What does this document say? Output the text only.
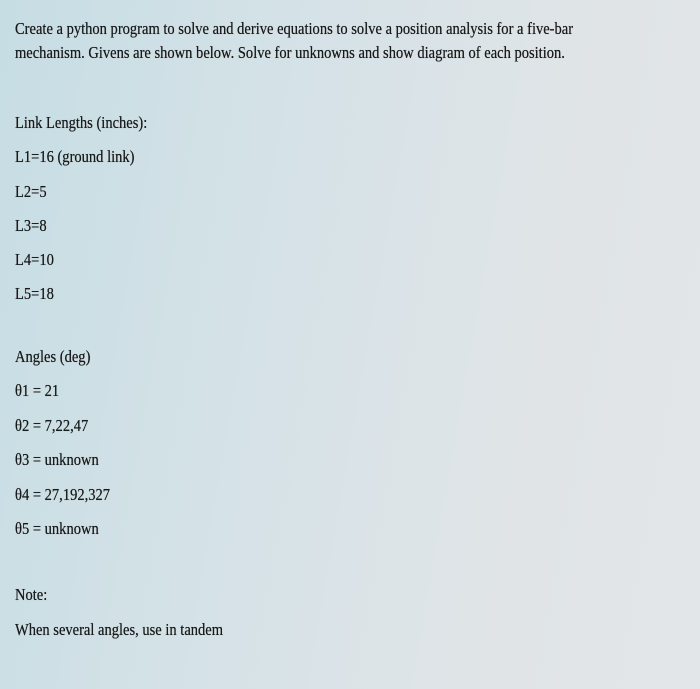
Create a python program to solve and derive equations to solve a position analysis for a five-bar
mechanism. Givens are shown below. Solve for unknowns and show diagram of each position.
Link Lengths (inches):
L1=16 (ground link)
L2=5
L3=8
L4=10
L5=18
Angles (deg)
θ1 = 21
θ2 = 7,22,47
θ3 = unknown
θ4 = 27,192,327
θ5 = unknown
Note:
When several angles, use in tandem
